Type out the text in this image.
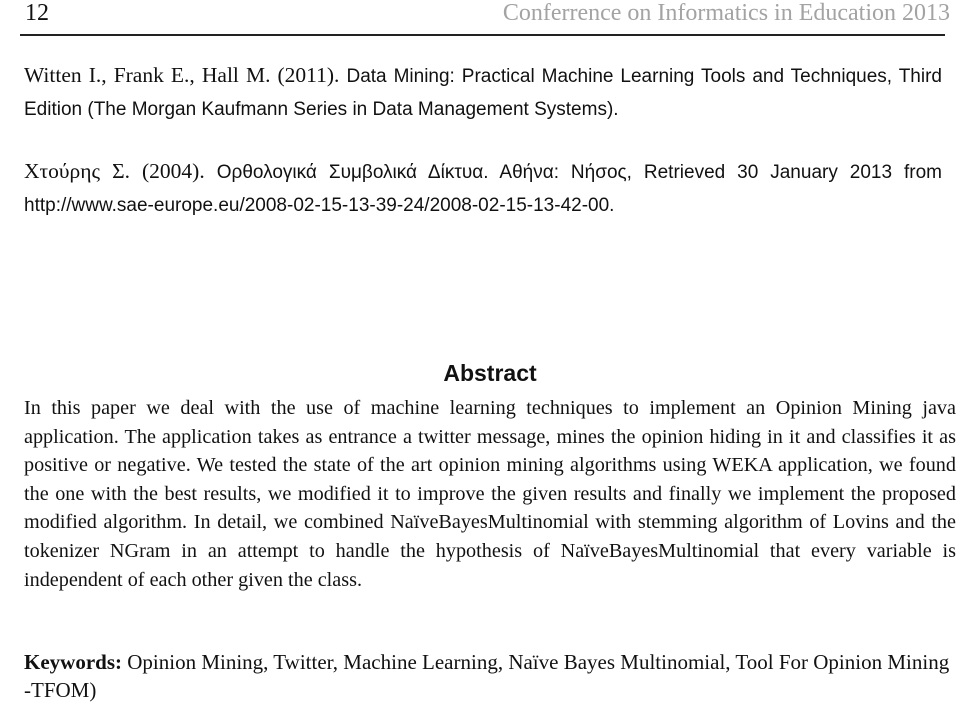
12	Conferrence on Informatics in Education 2013

Witten I., Frank E., Hall M. (2011). Data Mining: Practical Machine Learning Tools and Techniques, Third Edition (The Morgan Kaufmann Series in Data Management Systems).

Χτούρης Σ. (2004). Ορθολογικά Συμβολικά Δίκτυα. Αθήνα: Νήσος, Retrieved 30 January 2013 from http://www.sae-europe.eu/2008-02-15-13-39-24/2008-02-15-13-42-00.

Abstract

In this paper we deal with the use of machine learning techniques to implement an Opinion Mining java application. The application takes as entrance a twitter message, mines the opinion hiding in it and classifies it as positive or negative. We tested the state of the art opinion mining algorithms using WEKA application, we found the one with the best results, we modified it to improve the given results and finally we implement the proposed modified algorithm. In detail, we combined NaïveBayesMultinomial with stemming algorithm of Lovins and the tokenizer NGram in an attempt to handle the hypothesis of NaïveBayesMultinomial that every variable is independent of each other given the class.

Keywords: Opinion Mining, Twitter, Machine Learning, Naïve Bayes Multinomial, Tool For Opinion Mining -TFOM)
